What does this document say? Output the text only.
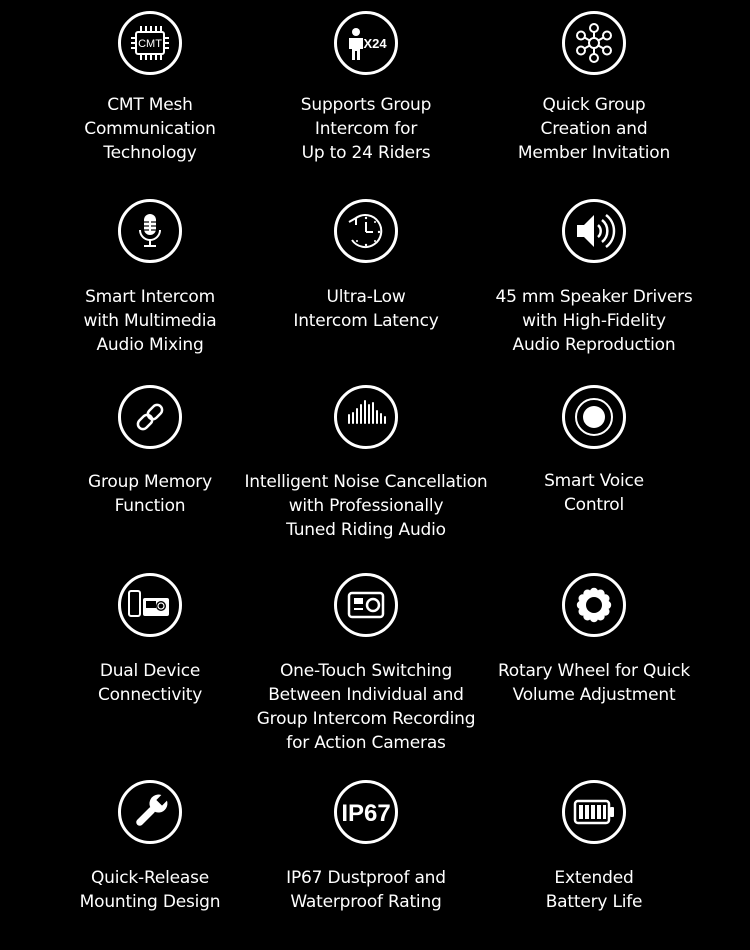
CMT
CMT Mesh
Communication
Technology
X24
Supports Group
Intercom for
Up to 24 Riders
Quick Group
Creation and
Member Invitation
Smart Intercom
with Multimedia
Audio Mixing
Ultra-Low
Intercom Latency
45 mm Speaker Drivers
with High-Fidelity
Audio Reproduction
Group Memory
Function
Intelligent Noise Cancellation
with Professionally
Tuned Riding Audio
Smart Voice
Control
Dual Device
Connectivity
One-Touch Switching
Between Individual and
Group Intercom Recording
for Action Cameras
Rotary Wheel for Quick
Volume Adjustment
Quick-Release
Mounting Design
IP67
IP67 Dustproof and
Waterproof Rating
Extended
Battery Life
